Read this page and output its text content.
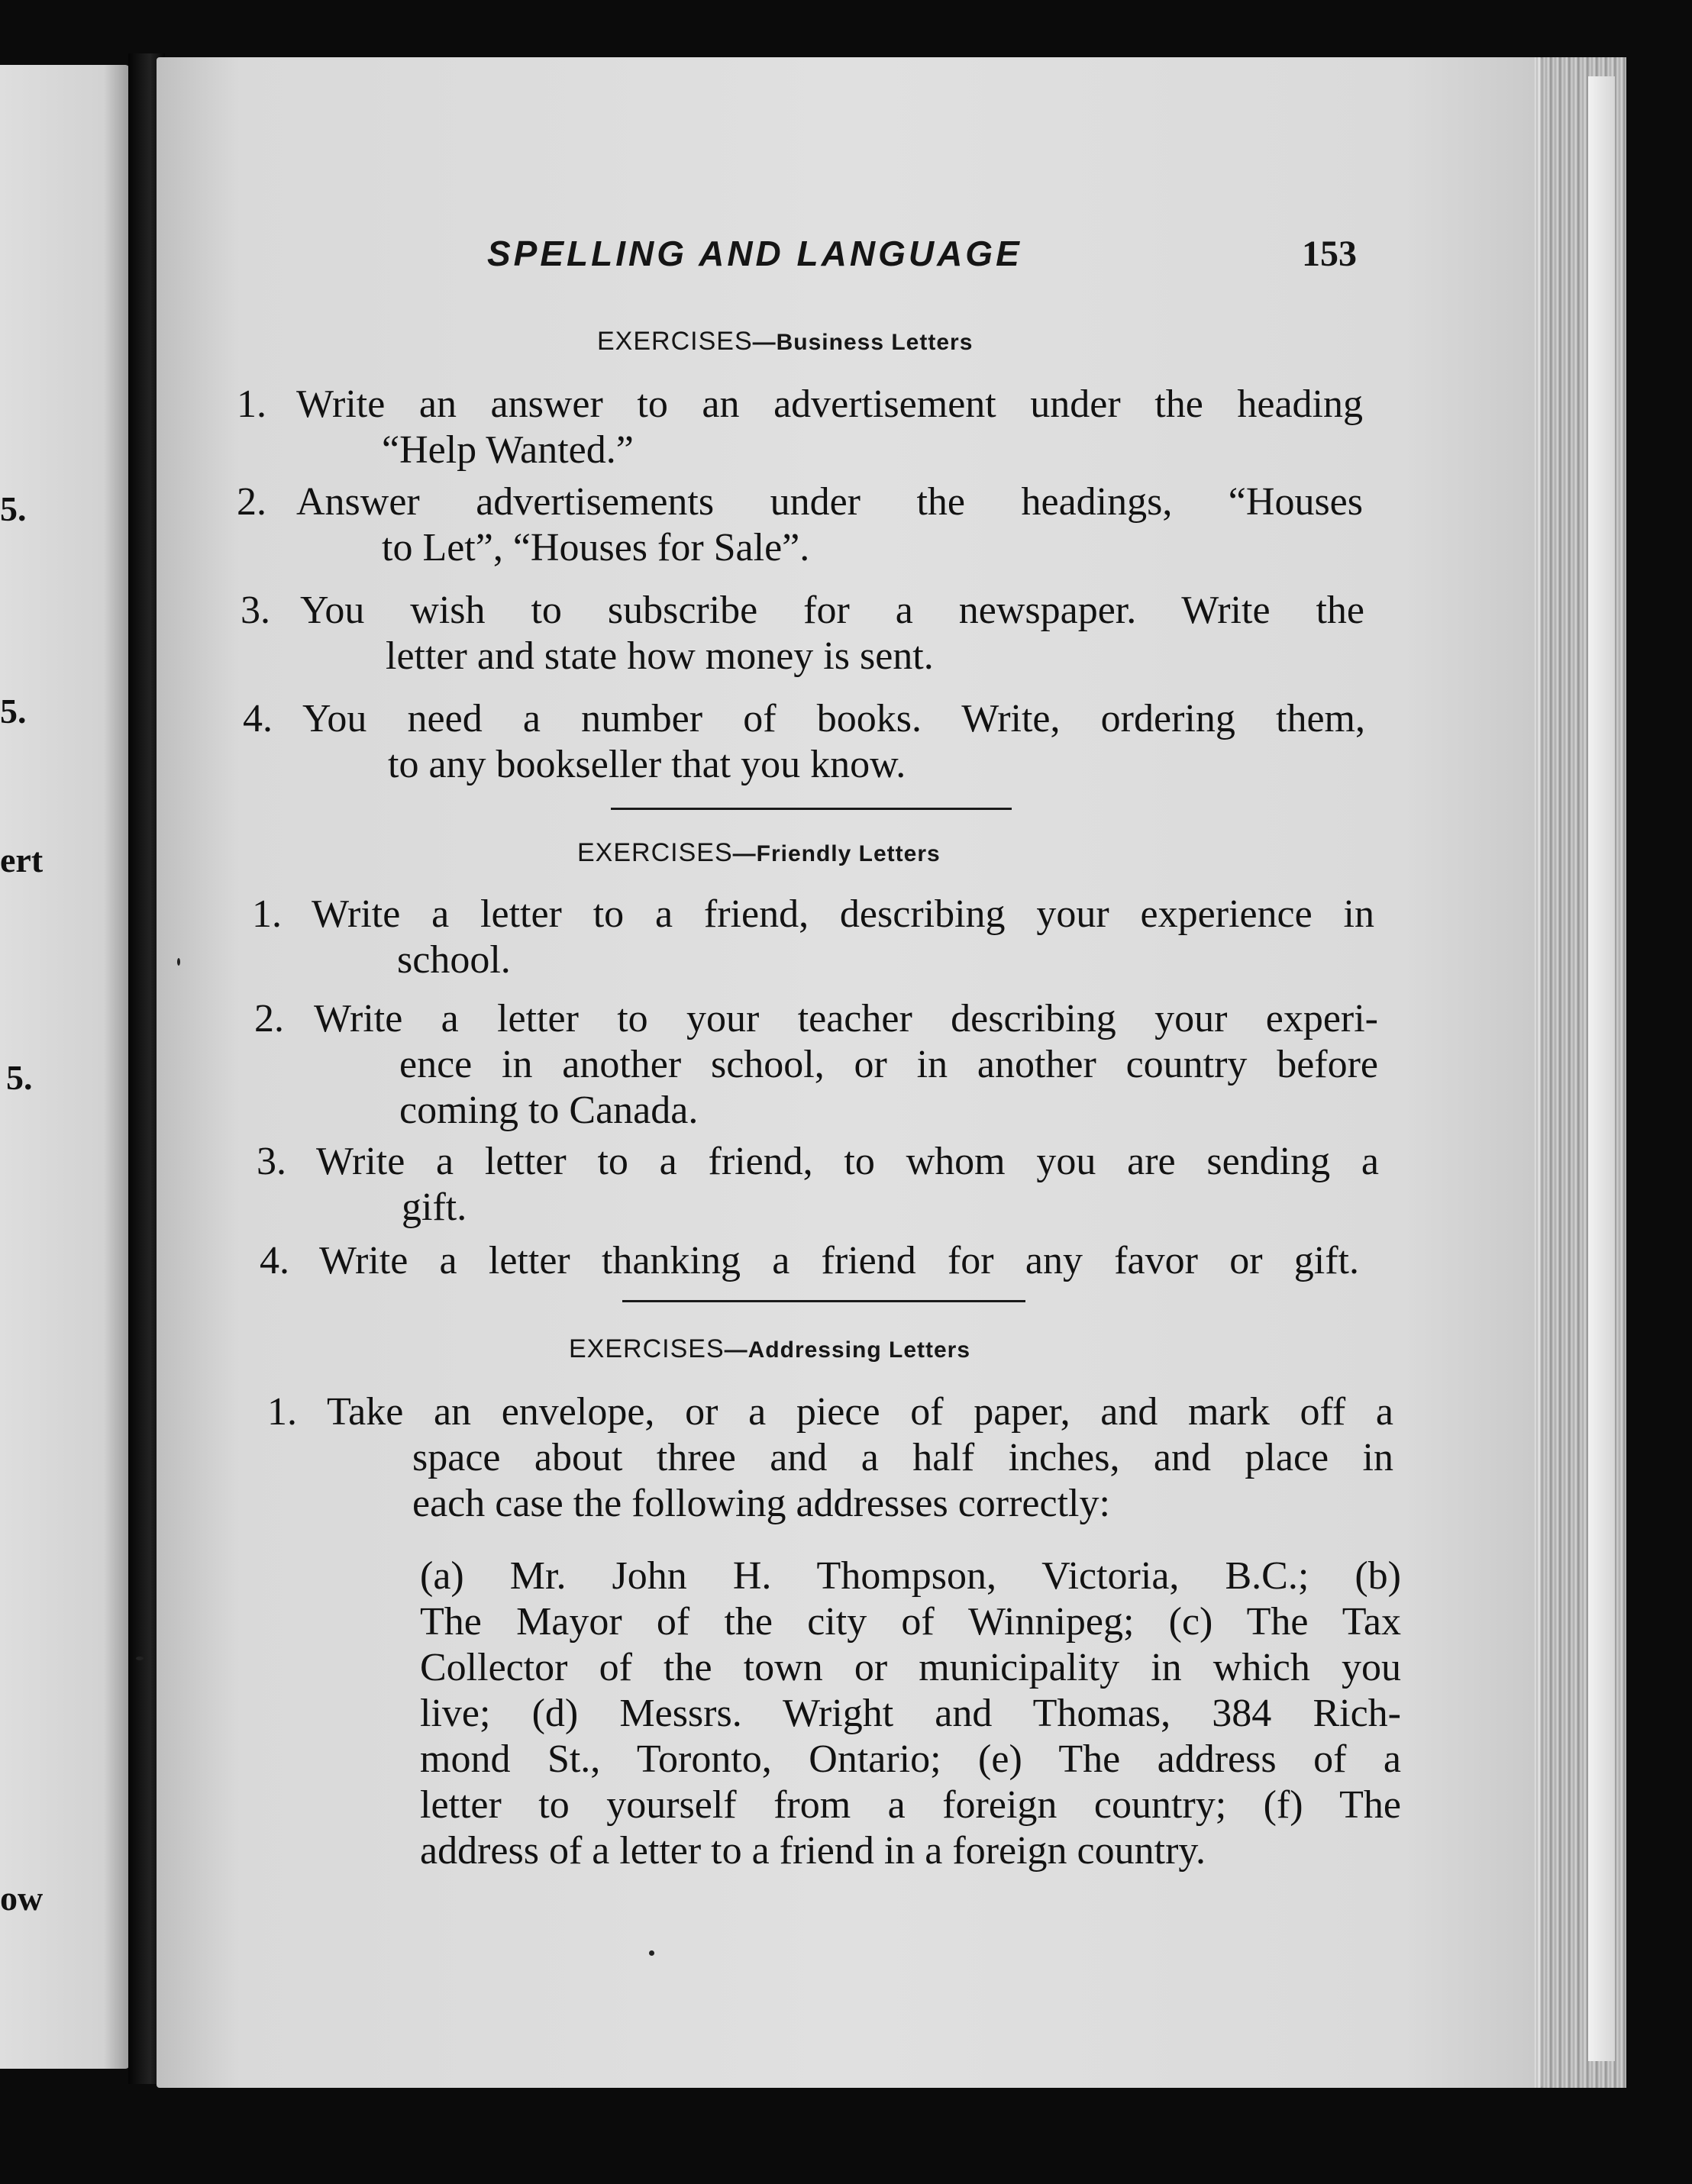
5.
5.
ert
5.
ow
SPELLING AND LANGUAGE	153
EXERCISES—Business Letters
1. Write an answer to an advertisement under the heading
“Help Wanted.”
2. Answer advertisements under the headings, “Houses
to Let”, “Houses for Sale”.
3. You wish to subscribe for a newspaper. Write the
letter and state how money is sent.
4. You need a number of books. Write, ordering them,
to any bookseller that you know.
EXERCISES—Friendly Letters
1. Write a letter to a friend, describing your experience in
school.
2. Write a letter to your teacher describing your experi-
ence in another school, or in another country before
coming to Canada.
3. Write a letter to a friend, to whom you are sending a
gift.
4. Write a letter thanking a friend for any favor or gift.
EXERCISES—Addressing Letters
1. Take an envelope, or a piece of paper, and mark off a
space about three and a half inches, and place in
each case the following addresses correctly:
(a) Mr. John H. Thompson, Victoria, B.C.; (b)
The Mayor of the city of Winnipeg; (c) The Tax
Collector of the town or municipality in which you
live; (d) Messrs. Wright and Thomas, 384 Rich-
mond St., Toronto, Ontario; (e) The address of a
letter to yourself from a foreign country; (f) The
address of a letter to a friend in a foreign country.
